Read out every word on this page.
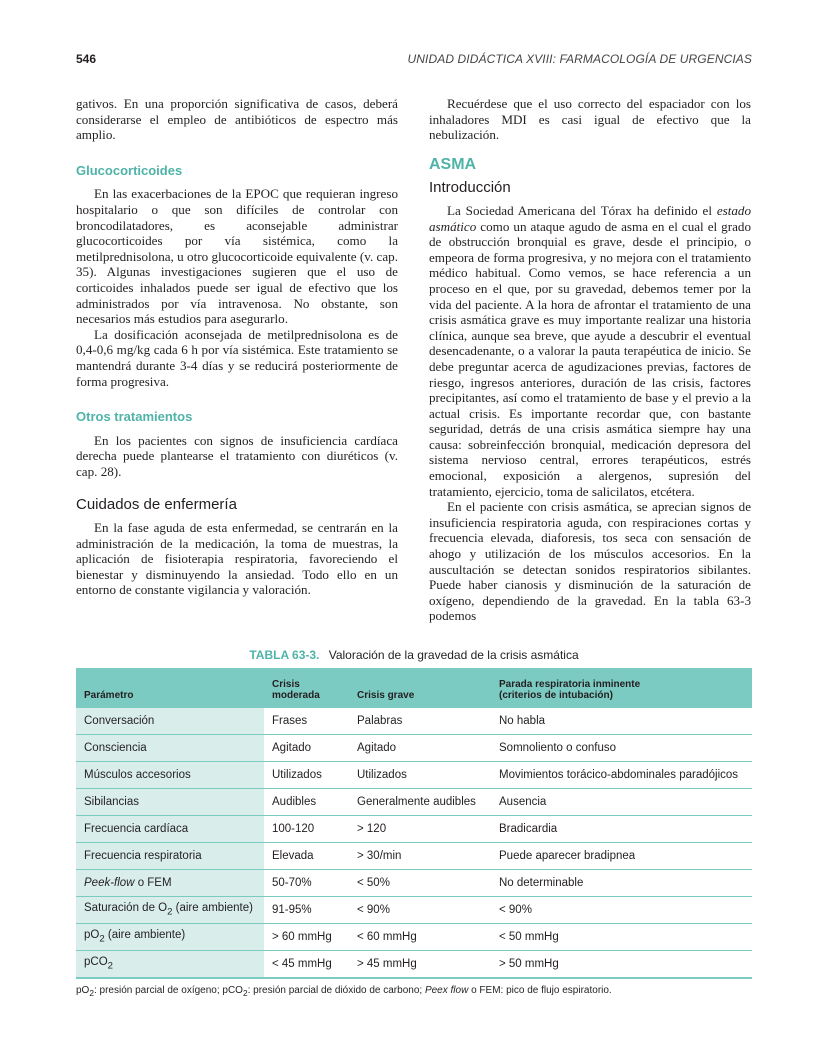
546	UNIDAD DIDÁCTICA XVIII: FARMACOLOGÍA DE URGENCIAS

gativos. En una proporción significativa de casos, deberá considerarse el empleo de antibióticos de espectro más amplio.

Glucocorticoides

En las exacerbaciones de la EPOC que requieran ingreso hospitalario o que son difíciles de controlar con broncodilatadores, es aconsejable administrar glucocorticoides por vía sistémica, como la metilprednisolona, u otro glucocorticoide equivalente (v. cap. 35). Algunas investigaciones sugieren que el uso de corticoides inhalados puede ser igual de efectivo que los administrados por vía intravenosa. No obstante, son necesarios más estudios para asegurarlo.

La dosificación aconsejada de metilprednisolona es de 0,4-0,6 mg/kg cada 6 h por vía sistémica. Este tratamiento se mantendrá durante 3-4 días y se reducirá posteriormente de forma progresiva.

Otros tratamientos

En los pacientes con signos de insuficiencia cardíaca derecha puede plantearse el tratamiento con diuréticos (v. cap. 28).

Cuidados de enfermería

En la fase aguda de esta enfermedad, se centrarán en la administración de la medicación, la toma de muestras, la aplicación de fisioterapia respiratoria, favoreciendo el bienestar y disminuyendo la ansiedad. Todo ello en un entorno de constante vigilancia y valoración.

Recuérdese que el uso correcto del espaciador con los inhaladores MDI es casi igual de efectivo que la nebulización.

ASMA
Introducción

La Sociedad Americana del Tórax ha definido el estado asmático como un ataque agudo de asma en el cual el grado de obstrucción bronquial es grave, desde el principio, o empeora de forma progresiva, y no mejora con el tratamiento médico habitual. Como vemos, se hace referencia a un proceso en el que, por su gravedad, debemos temer por la vida del paciente. A la hora de afrontar el tratamiento de una crisis asmática grave es muy importante realizar una historia clínica, aunque sea breve, que ayude a descubrir el eventual desencadenante, o a valorar la pauta terapéutica de inicio. Se debe preguntar acerca de agudizaciones previas, factores de riesgo, ingresos anteriores, duración de las crisis, factores precipitantes, así como el tratamiento de base y el previo a la actual crisis. Es importante recordar que, con bastante seguridad, detrás de una crisis asmática siempre hay una causa: sobreinfección bronquial, medicación depresora del sistema nervioso central, errores terapéuticos, estrés emocional, exposición a alergenos, supresión del tratamiento, ejercicio, toma de salicilatos, etcétera.

En el paciente con crisis asmática, se aprecian signos de insuficiencia respiratoria aguda, con respiraciones cortas y frecuencia elevada, diaforesis, tos seca con sensación de ahogo y utilización de los músculos accesorios. En la auscultación se detectan sonidos respiratorios sibilantes. Puede haber cianosis y disminución de la saturación de oxígeno, dependiendo de la gravedad. En la tabla 63-3 podemos

TABLA 63-3. Valoración de la gravedad de la crisis asmática
Parámetro	Crisis moderada	Crisis grave	Parada respiratoria inminente
(criterios de intubación)
Conversación	Frases	Palabras	No habla
Consciencia	Agitado	Agitado	Somnoliento o confuso
Músculos accesorios	Utilizados	Utilizados	Movimientos torácico-abdominales paradójicos
Sibilancias	Audibles	Generalmente audibles	Ausencia
Frecuencia cardíaca	100-120	> 120	Bradicardia
Frecuencia respiratoria	Elevada	> 30/min	Puede aparecer bradipnea
Peek-flow o FEM	50-70%	< 50%	No determinable
Saturación de $O_2$ (aire ambiente)	91-95%	< 90%	< 90%
$pO_2$ (aire ambiente)	> 60 mmHg	< 60 mmHg	< 50 mmHg
pCO$_2$	< 45 mmHg	> 45 mmHg	> 50 mmHg
$pO_2$: presión parcial de oxígeno; pCO$_2$: presión parcial de dióxido de carbono; Peex flow o FEM: pico de flujo espiratorio.
